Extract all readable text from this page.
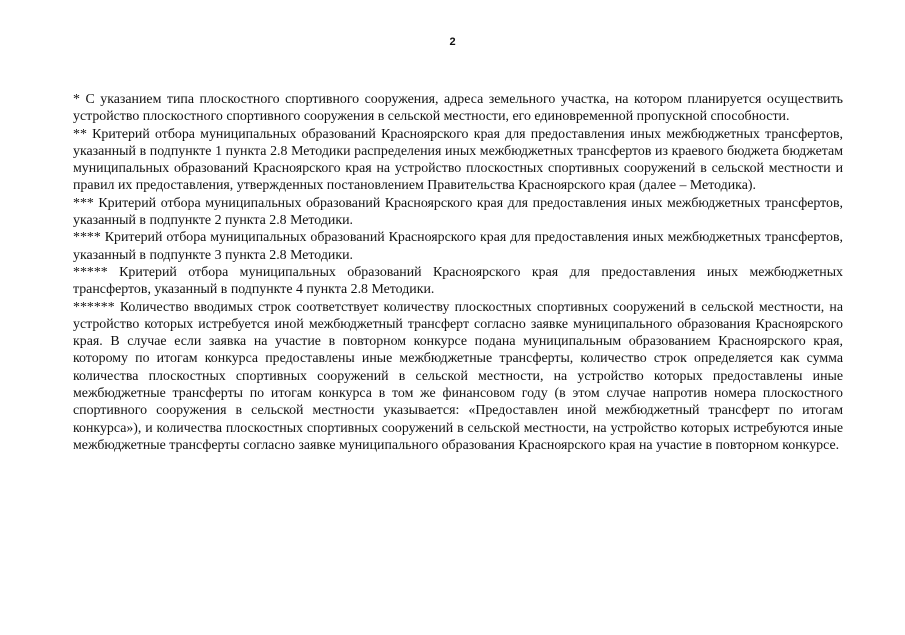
2

* С указанием типа плоскостного спортивного сооружения, адреса земельного участка, на котором планируется осуществить устройство плоскостного спортивного сооружения в сельской местности, его единовременной пропускной способности.

** Критерий отбора муниципальных образований Красноярского края для предоставления иных межбюджетных трансфертов, указанный в подпункте 1 пункта 2.8 Методики распределения иных межбюджетных трансфертов из краевого бюджета бюджетам муниципальных образований Красноярского края на устройство плоскостных спортивных сооружений в сельской местности и правил их предоставления, утвержденных постановлением Правительства Красноярского края (далее – Методика).

*** Критерий отбора муниципальных образований Красноярского края для предоставления иных межбюджетных трансфертов, указанный в подпункте 2 пункта 2.8 Методики.

**** Критерий отбора муниципальных образований Красноярского края для предоставления иных межбюджетных трансфертов, указанный в подпункте 3 пункта 2.8 Методики.

***** Критерий отбора муниципальных образований Красноярского края для предоставления иных межбюджетных трансфертов, указанный в подпункте 4 пункта 2.8 Методики.

****** Количество вводимых строк соответствует количеству плоскостных спортивных сооружений в сельской местности, на устройство которых истребуется иной межбюджетный трансферт согласно заявке муниципального образования Красноярского края. В случае если заявка на участие в повторном конкурсе подана муниципальным образованием Красноярского края, которому по итогам конкурса предоставлены иные межбюджетные трансферты, количество строк определяется как сумма количества плоскостных спортивных сооружений в сельской местности, на устройство которых предоставлены иные межбюджетные трансферты по итогам конкурса в том же финансовом году (в этом случае напротив номера плоскостного спортивного сооружения в сельской местности указывается: «Предоставлен иной межбюджетный трансферт по итогам конкурса»), и количества плоскостных спортивных сооружений в сельской местности, на устройство которых истребуются иные межбюджетные трансферты согласно заявке муниципального образования Красноярского края на участие в повторном конкурсе.
